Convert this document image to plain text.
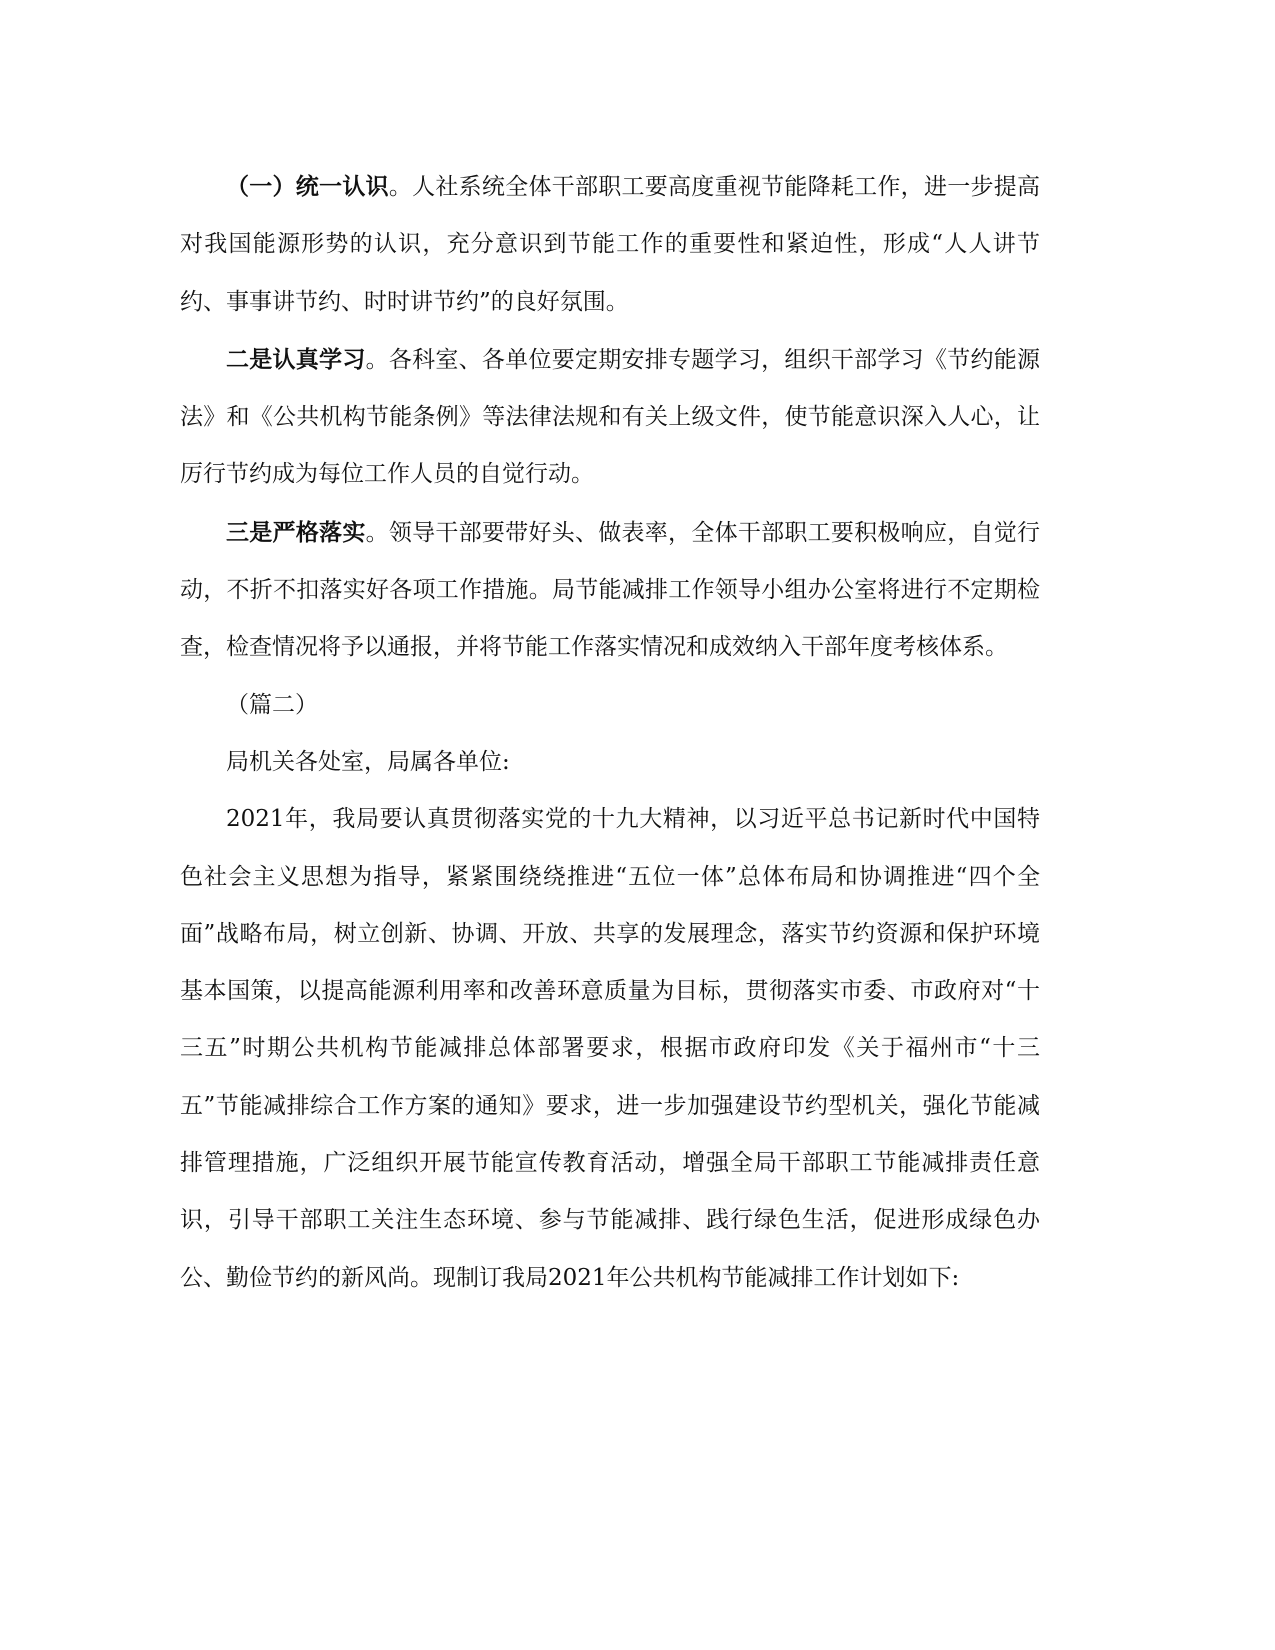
（一）统一认识。人社系统全体干部职工要高度重视节能降耗工作，进一步提高对我国能源形势的认识，充分意识到节能工作的重要性和紧迫性，形成“人人讲节约、事事讲节约、时时讲节约”的良好氛围。

二是认真学习。各科室、各单位要定期安排专题学习，组织干部学习《节约能源法》和《公共机构节能条例》等法律法规和有关上级文件，使节能意识深入人心，让厉行节约成为每位工作人员的自觉行动。

三是严格落实。领导干部要带好头、做表率，全体干部职工要积极响应，自觉行动，不折不扣落实好各项工作措施。局节能减排工作领导小组办公室将进行不定期检查，检查情况将予以通报，并将节能工作落实情况和成效纳入干部年度考核体系。

（篇二）

局机关各处室，局属各单位:

2021年，我局要认真贯彻落实党的十九大精神，以习近平总书记新时代中国特色社会主义思想为指导，紧紧围绕绕推进“五位一体”总体布局和协调推进“四个全面”战略布局，树立创新、协调、开放、共享的发展理念，落实节约资源和保护环境基本国策，以提高能源利用率和改善环意质量为目标，贯彻落实市委、市政府对“十三五”时期公共机构节能减排总体部署要求，根据市政府印发《关于福州市“十三五”节能减排综合工作方案的通知》要求，进一步加强建设节约型机关，强化节能减排管理措施，广泛组织开展节能宣传教育活动，增强全局干部职工节能减排责任意识，引导干部职工关注生态环境、参与节能减排、践行绿色生活，促进形成绿色办公、勤俭节约的新风尚。现制订我局2021年公共机构节能减排工作计划如下:
